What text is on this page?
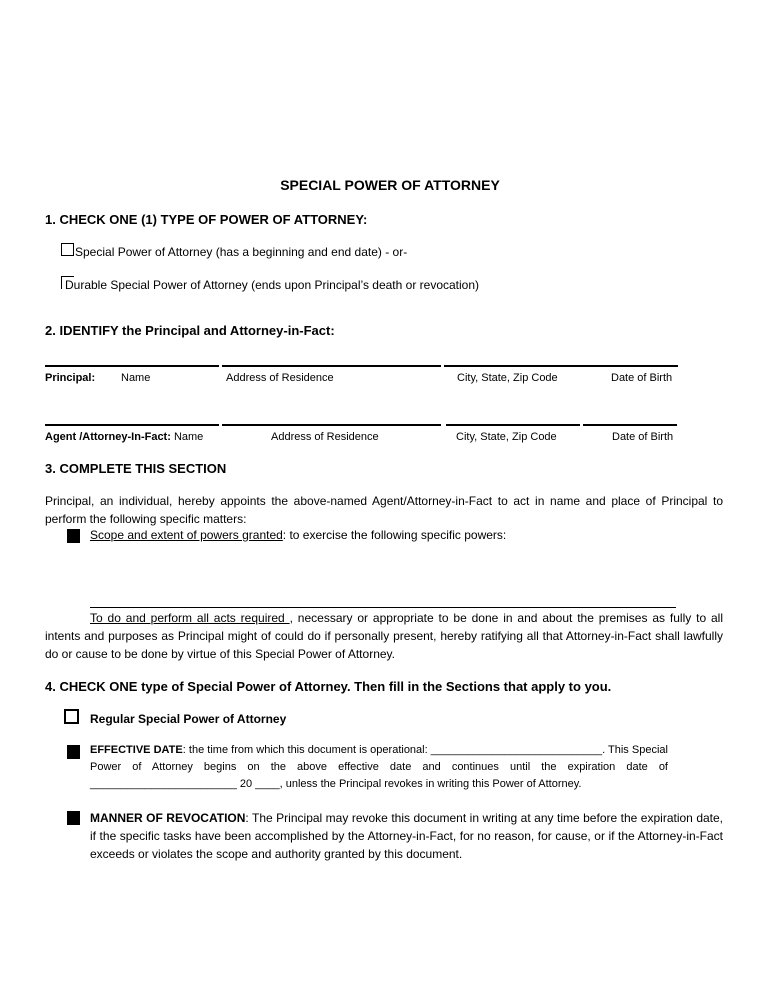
SPECIAL POWER OF ATTORNEY
1. CHECK ONE (1) TYPE OF POWER OF ATTORNEY:
Special Power of Attorney (has a beginning and end date) - or-
Durable Special Power of Attorney (ends upon Principal’s death or revocation)
2. IDENTIFY the Principal and Attorney-in-Fact:
Principal: Name	Address of Residence	City, State, Zip Code	Date of Birth
Agent /Attorney-In-Fact: Name	Address of Residence	City, State, Zip Code	Date of Birth
3. COMPLETE THIS SECTION
Principal, an individual, hereby appoints the above-named Agent/Attorney-in-Fact to act in name and place of Principal to perform the following specific matters:
Scope and extent of powers granted: to exercise the following specific powers:
To do and perform all acts required , necessary or appropriate to be done in and about the premises as fully to all intents and purposes as Principal might of could do if personally present, hereby ratifying all that Attorney-in-Fact shall lawfully do or cause to be done by virtue of this Special Power of Attorney.
4. CHECK ONE type of Special Power of Attorney. Then fill in the Sections that apply to you.
Regular Special Power of Attorney
EFFECTIVE DATE: the time from which this document is operational: ____________________________. This Special Power of Attorney begins on the above effective date and continues until the expiration date of ________________________ 20 ____, unless the Principal revokes in writing this Power of Attorney.
MANNER OF REVOCATION: The Principal may revoke this document in writing at any time before the expiration date, if the specific tasks have been accomplished by the Attorney-in-Fact, for no reason, for cause, or if the Attorney-in-Fact exceeds or violates the scope and authority granted by this document.
